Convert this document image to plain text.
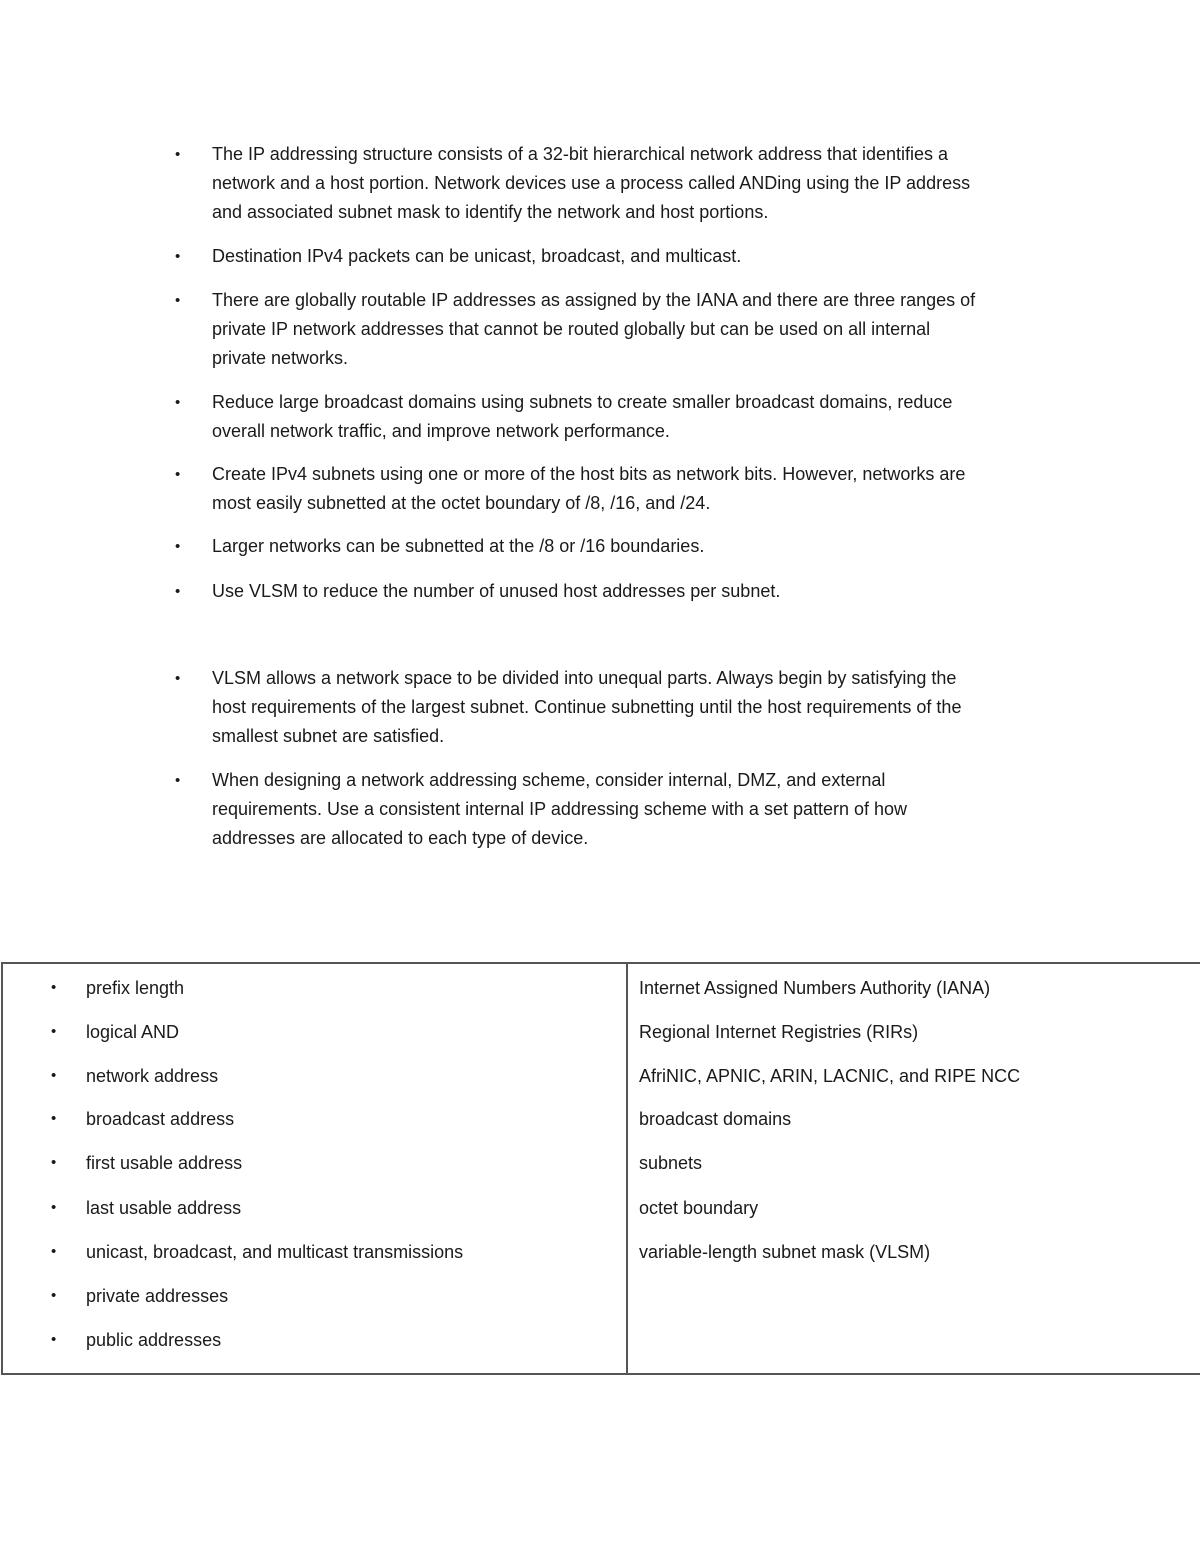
• The IP addressing structure consists of a 32-bit hierarchical network address that identifies a
network and a host portion. Network devices use a process called ANDing using the IP address
and associated subnet mask to identify the network and host portions.
• Destination IPv4 packets can be unicast, broadcast, and multicast.
• There are globally routable IP addresses as assigned by the IANA and there are three ranges of
private IP network addresses that cannot be routed globally but can be used on all internal
private networks.
• Reduce large broadcast domains using subnets to create smaller broadcast domains, reduce
overall network traffic, and improve network performance.
• Create IPv4 subnets using one or more of the host bits as network bits. However, networks are
most easily subnetted at the octet boundary of /8, /16, and /24.
• Larger networks can be subnetted at the /8 or /16 boundaries.
• Use VLSM to reduce the number of unused host addresses per subnet.
• VLSM allows a network space to be divided into unequal parts. Always begin by satisfying the
host requirements of the largest subnet. Continue subnetting until the host requirements of the
smallest subnet are satisfied.
• When designing a network addressing scheme, consider internal, DMZ, and external
requirements. Use a consistent internal IP addressing scheme with a set pattern of how
addresses are allocated to each type of device.
• prefix length
• logical AND
• network address
• broadcast address
• first usable address
• last usable address
• unicast, broadcast, and multicast transmissions
• private addresses
• public addresses
Internet Assigned Numbers Authority (IANA)
Regional Internet Registries (RIRs)
AfriNIC, APNIC, ARIN, LACNIC, and RIPE NCC
broadcast domains
subnets
octet boundary
variable-length subnet mask (VLSM)
